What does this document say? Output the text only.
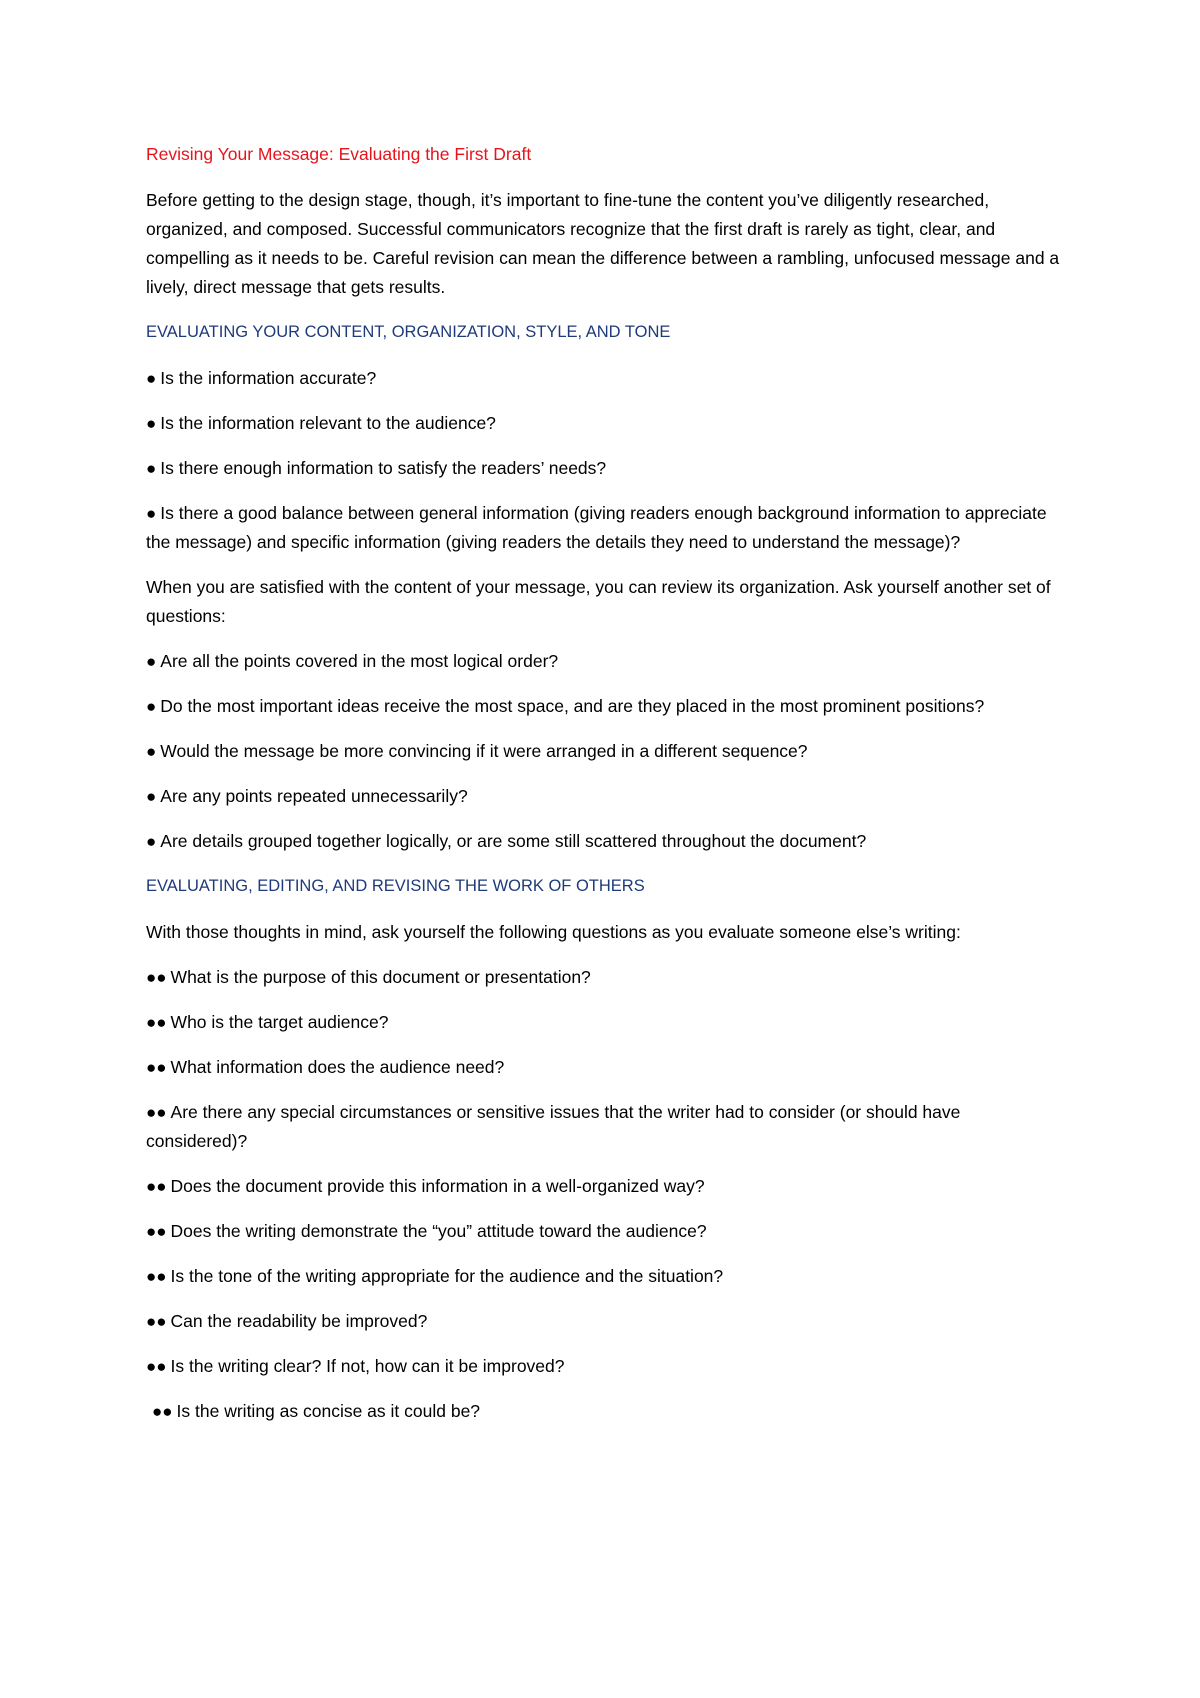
Revising Your Message: Evaluating the First Draft

Before getting to the design stage, though, it’s important to fine-tune the content you’ve diligently researched, organized, and composed. Successful communicators recognize that the first draft is rarely as tight, clear, and compelling as it needs to be. Careful revision can mean the difference between a rambling, unfocused message and a lively, direct message that gets results.

EVALUATING YOUR CONTENT, ORGANIZATION, STYLE, AND TONE
● Is the information accurate?
● Is the information relevant to the audience?
● Is there enough information to satisfy the readers’ needs?
● Is there a good balance between general information (giving readers enough background information to appreciate the message) and specific information (giving readers the details they need to understand the message)?

When you are satisfied with the content of your message, you can review its organization. Ask yourself another set of questions:

● Are all the points covered in the most logical order?
● Do the most important ideas receive the most space, and are they placed in the most prominent positions?
● Would the message be more convincing if it were arranged in a different sequence?
● Are any points repeated unnecessarily?
● Are details grouped together logically, or are some still scattered throughout the document?
EVALUATING, EDITING, AND REVISING THE WORK OF OTHERS

With those thoughts in mind, ask yourself the following questions as you evaluate someone else’s writing:

●● What is the purpose of this document or presentation?
●● Who is the target audience?
●● What information does the audience need?
●● Are there any special circumstances or sensitive issues that the writer had to consider (or should have considered)?
●● Does the document provide this information in a well-organized way?
●● Does the writing demonstrate the “you” attitude toward the audience?
●● Is the tone of the writing appropriate for the audience and the situation?
●● Can the readability be improved?
●● Is the writing clear? If not, how can it be improved?
●● Is the writing as concise as it could be?
